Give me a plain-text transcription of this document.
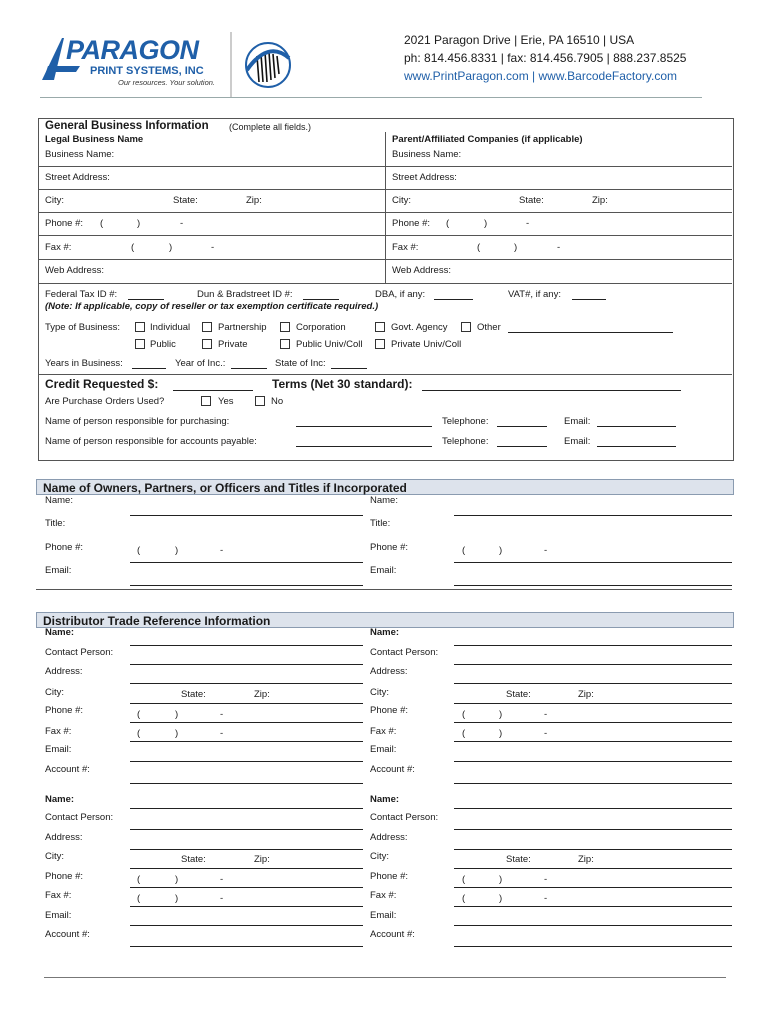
PARAGON
PRINT SYSTEMS, INC
Our resources. Your solution.
2021 Paragon Drive | Erie, PA 16510 | USA
ph: 814.456.8331 | fax: 814.456.7905 | 888.237.8525
www.PrintParagon.com | www.BarcodeFactory.com
General Business Information (Complete all fields.)
Legal Business Name	Parent/Affiliated Companies (if applicable)
Business Name:
Street Address:
City:	State:	Zip:
Phone #: (	)	-
Fax #:	(	)	-
Web Address:
Business Name:
Street Address:
City:	State:	Zip:
Phone #: (	)	-
Fax #:	(	)	-
Web Address:
Federal Tax ID #:	Dun & Bradstreet ID #:	DBA, if any:	VAT#, if any:
(Note: If applicable, copy of reseller or tax exemption certificate required.)
Type of Business:	Individual	Partnership	Corporation	Govt. Agency	Other
Public	Private	Public Univ/Coll	Private Univ/Coll
Years in Business:	Year of Inc.:	State of Inc:
Credit Requested $:	Terms (Net 30 standard):
Are Purchase Orders Used?	Yes	No
Name of person responsible for purchasing:	Telephone:	Email:
Name of person responsible for accounts payable:	Telephone:	Email:
Name of Owners, Partners, or Officers and Titles if Incorporated
Name:
Title:
Phone #:	(	)	-
Email:
Name:
Title:
Phone #:	(	)	-
Email:
Distributor Trade Reference Information
Name:
Contact Person:
Address:
City:	State:	Zip:
Phone #:	(	)	-
Fax #:	(	)	-
Email:
Account #:
Name:
Contact Person:
Address:
City:	State:	Zip:
Phone #:	(	)	-
Fax #:	(	)	-
Email:
Account #:
Name:
Contact Person:
Address:
City:	State:	Zip:
Phone #:	(	)	-
Fax #:	(	)	-
Email:
Account #:
Name:
Contact Person:
Address:
City:	State:	Zip:
Phone #:	(	)	-
Fax #:	(	)	-
Email:
Account #:
